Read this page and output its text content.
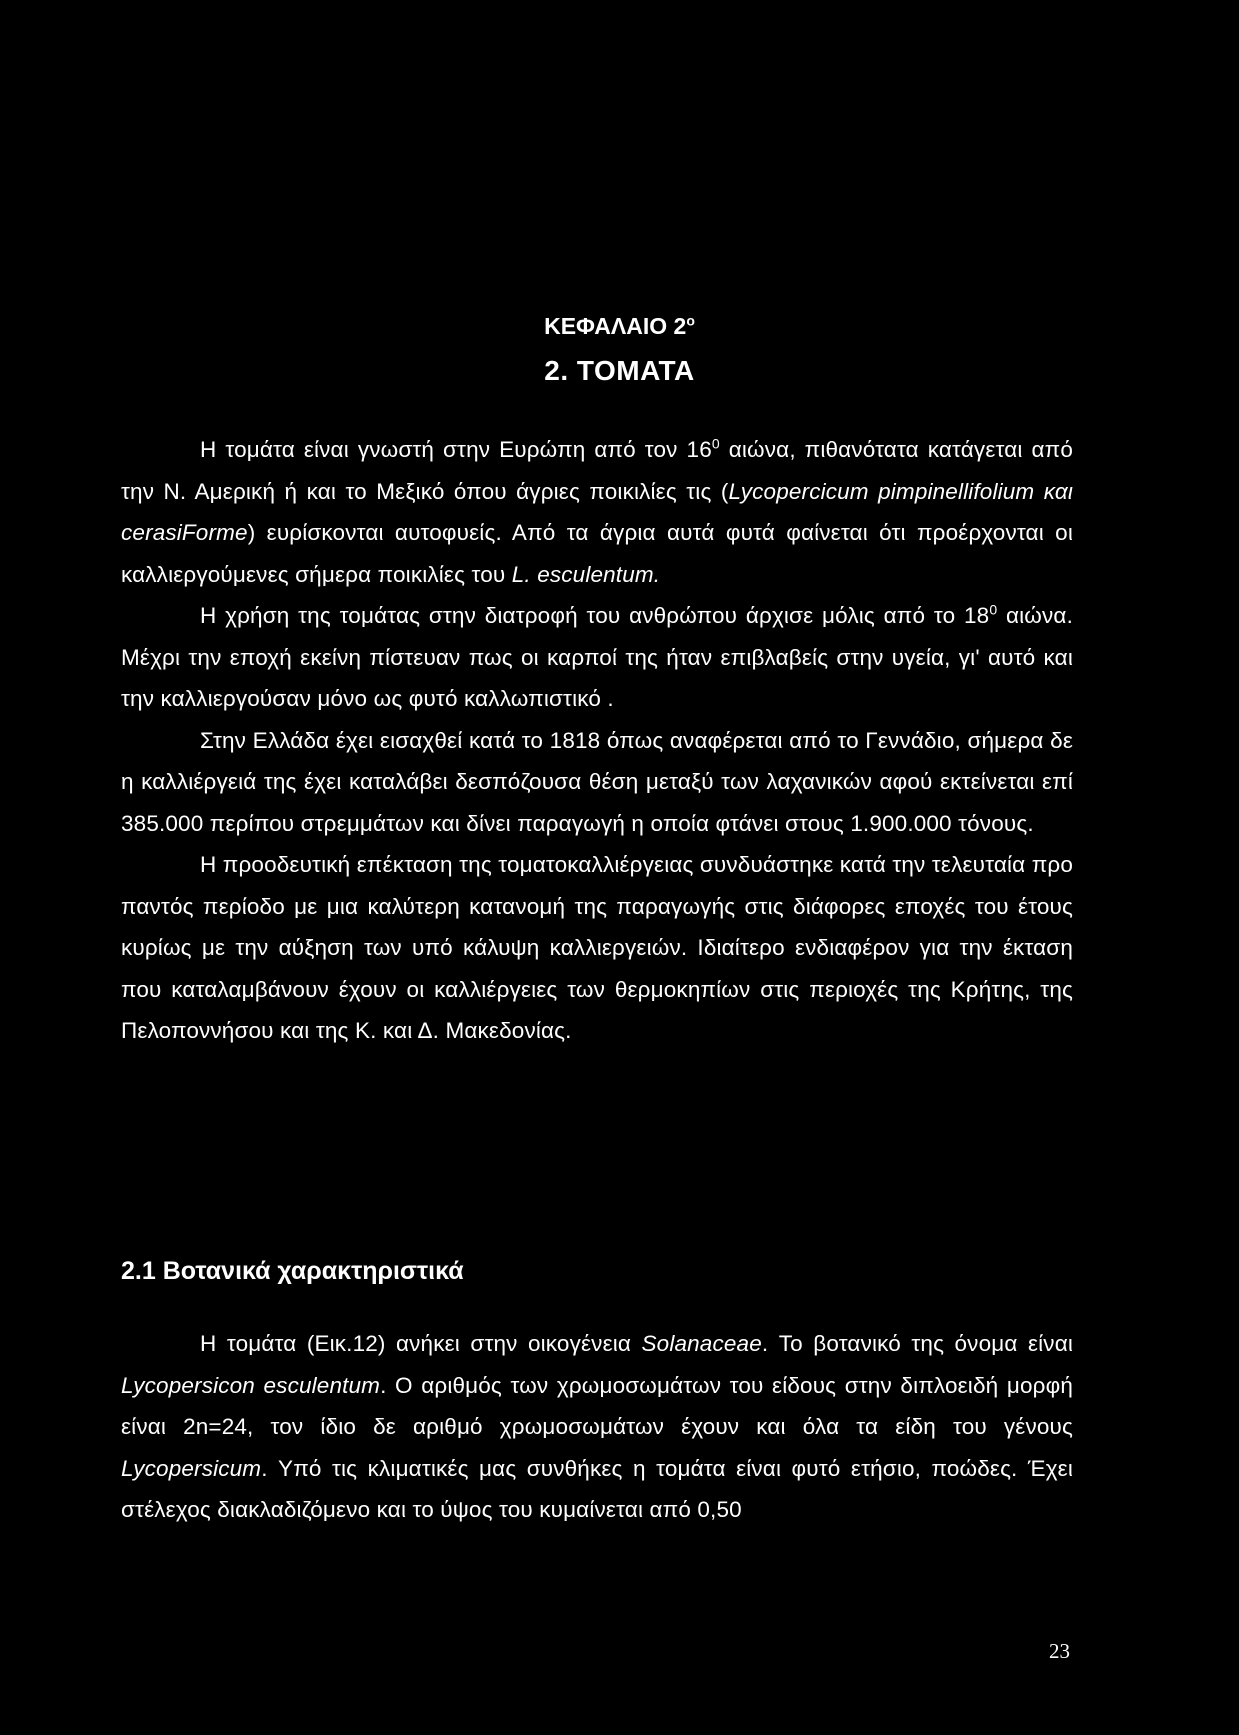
ΚΕΦΑΛΑΙΟ $2^o$
2. ΤΟΜΑΤΑ

Η τομάτα είναι γνωστή στην Ευρώπη από τον $16^0$ αιώνα, πιθανότατα κατάγεται από την Ν. Αμερική ή και το Μεξικό όπου άγριες ποικιλίες τις (Lycopercicum pimpinellifolium και cerasiForme) ευρίσκονται αυτοφυείς. Από τα άγρια αυτά φυτά φαίνεται ότι προέρχονται οι καλλιεργούμενες σήμερα ποικιλίες του L. esculentum.

Η χρήση της τομάτας στην διατροφή του ανθρώπου άρχισε μόλις από το $18^0$ αιώνα. Μέχρι την εποχή εκείνη πίστευαν πως οι καρποί της ήταν επιβλαβείς στην υγεία, γι' αυτό και την καλλιεργούσαν μόνο ως φυτό καλλωπιστικό .

Στην Ελλάδα έχει εισαχθεί κατά το 1818 όπως αναφέρεται από το Γεννάδιο, σήμερα δε η καλλιέργειά της έχει καταλάβει δεσπόζουσα θέση μεταξύ των λαχανικών αφού εκτείνεται επί 385.000 περίπου στρεμμάτων και δίνει παραγωγή η οποία φτάνει στους 1.900.000 τόνους.

Η προοδευτική επέκταση της τοματοκαλλιέργειας συνδυάστηκε κατά την τελευταία προ παντός περίοδο με μια καλύτερη κατανομή της παραγωγής στις διάφορες εποχές του έτους κυρίως με την αύξηση των υπό κάλυψη καλλιεργειών. Ιδιαίτερο ενδιαφέρον για την έκταση που καταλαμβάνουν έχουν οι καλλιέργειες των θερμοκηπίων στις περιοχές της Κρήτης, της Πελοποννήσου και της Κ. και Δ. Μακεδονίας.

2.1 Βοτανικά χαρακτηριστικά

Η τομάτα (Εικ.12) ανήκει στην οικογένεια Solanaceae. Το βοτανικό της όνομα είναι Lycopersicon esculentum. Ο αριθμός των χρωμοσωμάτων του είδους στην διπλοειδή μορφή είναι 2n=24, τον ίδιο δε αριθμό χρωμοσωμάτων έχουν και όλα τα είδη του γένους Lycopersicum. Υπό τις κλιματικές μας συνθήκες η τομάτα είναι φυτό ετήσιο, ποώδες. Έχει στέλεχος διακλαδιζόμενο και το ύψος του κυμαίνεται από 0,50

23
